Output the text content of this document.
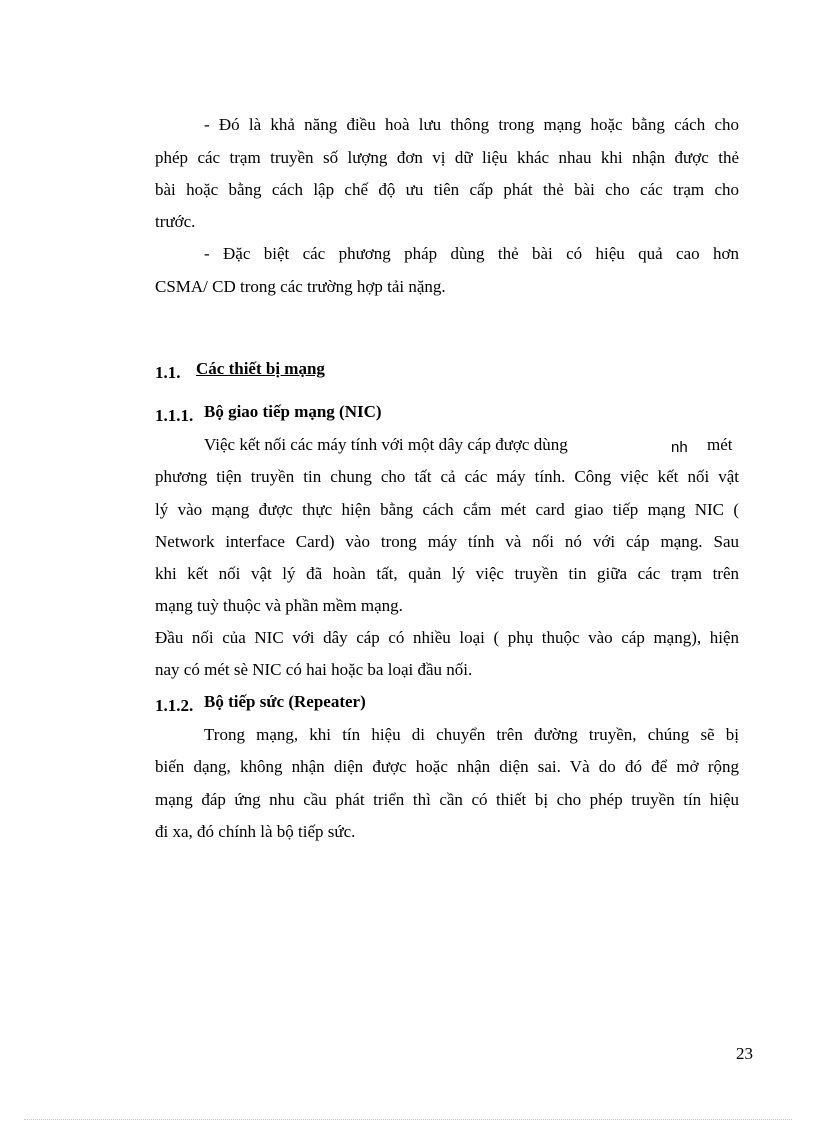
- Đó là khả năng điều hoà lưu thông trong mạng hoặc bằng cách cho
phép các trạm truyền số lượng đơn vị dữ liệu khác nhau khi nhận được thẻ
bài hoặc bằng cách lập chế độ ưu tiên cấp phát thẻ bài cho các trạm cho
trước.
- Đặc biệt các phương pháp dùng thẻ bài có hiệu quả cao hơn
CSMA/ CD trong các trường hợp tải nặng.
1.1. Các thiết bị mạng
1.1.1. Bộ giao tiếp mạng (NIC)
Việc kết nối các máy tính với một dây cáp được dùng	nh mét
phương tiện truyền tin chung cho tất cả các máy tính. Công việc kết nối vật
lý vào mạng được thực hiện bằng cách cắm mét card giao tiếp mạng NIC (
Network interface Card) vào trong máy tính và nối nó với cáp mạng. Sau
khi kết nối vật lý đã hoàn tất, quản lý việc truyền tin giữa các trạm trên
mạng tuỳ thuộc và phần mềm mạng.
Đầu nối của NIC với dây cáp có nhiều loại ( phụ thuộc vào cáp mạng), hiện
nay có mét sè NIC có hai hoặc ba loại đầu nối.
1.1.2. Bộ tiếp sức (Repeater)
Trong mạng, khi tín hiệu di chuyển trên đường truyền, chúng sẽ bị
biến dạng, không nhận diện được hoặc nhận diện sai. Và do đó để mở rộng
mạng đáp ứng nhu cầu phát triển thì cần có thiết bị cho phép truyền tín hiệu
đi xa, đó chính là bộ tiếp sức.
23
